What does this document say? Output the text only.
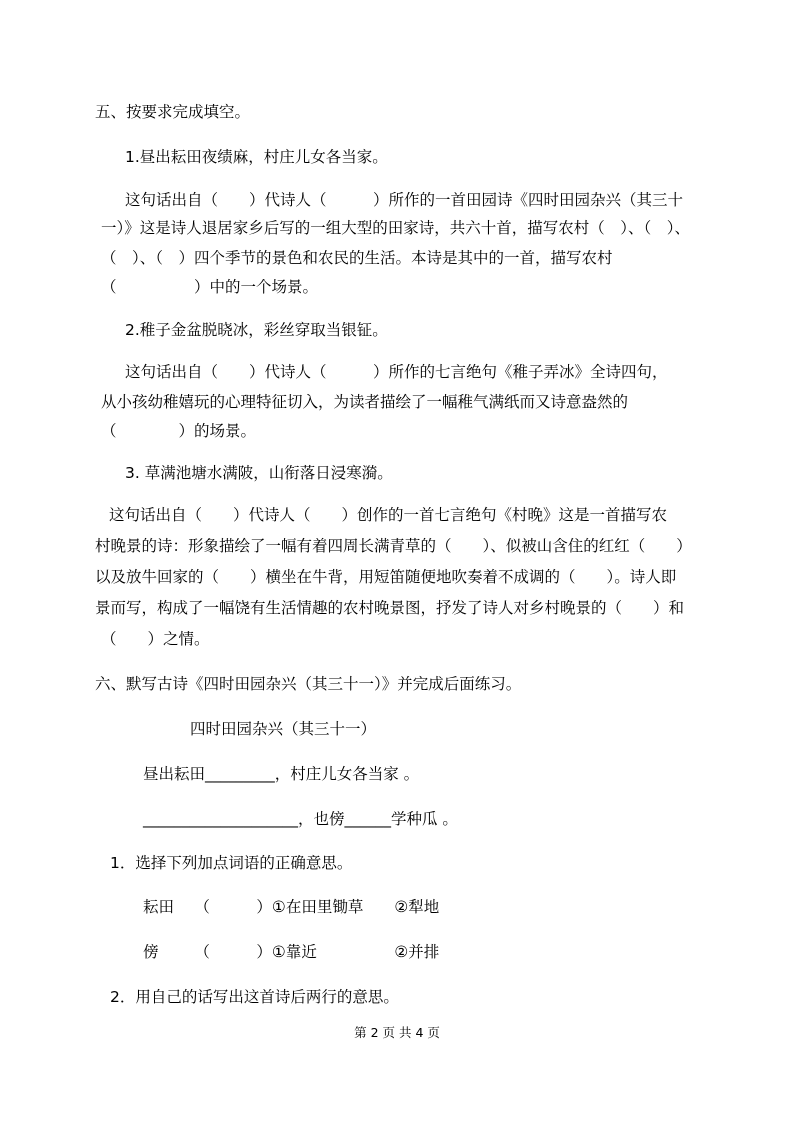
五、按要求完成填空。
1.昼出耘田夜绩麻，村庄儿女各当家。
这句话出自（　　）代诗人（　　　）所作的一首田园诗《四时田园杂兴（其三十
一）》这是诗人退居家乡后写的一组大型的田家诗，共六十首，描写农村（　）、（　）、
（　）、（　）四个季节的景色和农民的生活。本诗是其中的一首，描写农村
（　　　　　）中的一个场景。
2.稚子金盆脱晓冰，彩丝穿取当银钲。
这句话出自（　　）代诗人（　　　）所作的七言绝句《稚子弄冰》全诗四句，
从小孩幼稚嬉玩的心理特征切入，为读者描绘了一幅稚气满纸而又诗意盎然的
（　　　　）的场景。
3. 草满池塘水满陂，山衔落日浸寒漪。
这句话出自（　　）代诗人（　　）创作的一首七言绝句《村晚》这是一首描写农
村晚景的诗：形象描绘了一幅有着四周长满青草的（　　）、似被山含住的红红（　　）
以及放牛回家的（　　）横坐在牛背，用短笛随便地吹奏着不成调的（　　）。诗人即
景而写，构成了一幅饶有生活情趣的农村晚景图，抒发了诗人对乡村晚景的（　　）和
（　　）之情。
六、默写古诗《四时田园杂兴（其三十一）》并完成后面练习。
四时田园杂兴（其三十一）
昼出耘田_________，村庄儿女各当家 。
____________________，也傍______学种瓜 。
1．选择下列加点词语的正确意思。
耘田　 （　　　）①在田里锄草　　②犁地
傍　　 （　　　）①靠近　　　　　②并排
2．用自己的话写出这首诗后两行的意思。
第 2 页 共 4 页
